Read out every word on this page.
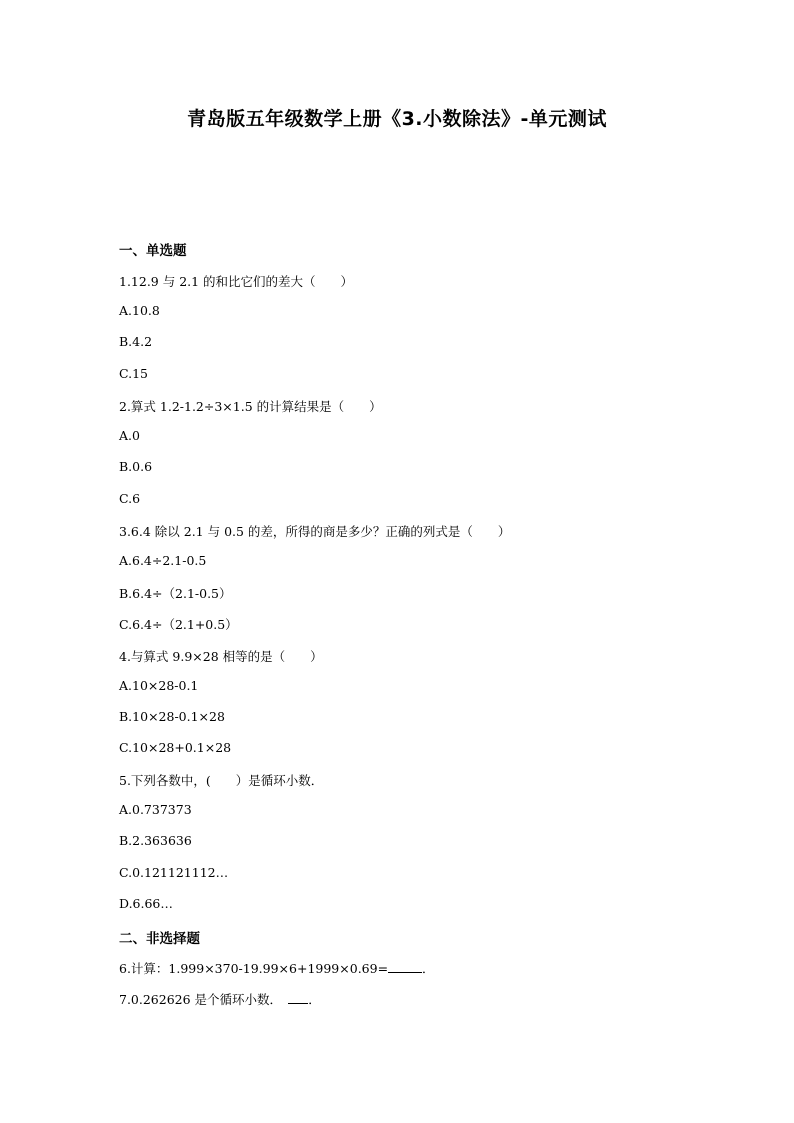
青岛版五年级数学上册《3.小数除法》-单元测试
一、单选题
1.12.9 与 2.1 的和比它们的差大（　　）
A.10.8
B.4.2
C.15
2.算式 1.2-1.2÷3×1.5 的计算结果是（　　）
A.0
B.0.6
C.6
3.6.4 除以 2.1 与 0.5 的差，所得的商是多少？正确的列式是（　　）
A.6.4÷2.1-0.5
B.6.4÷（2.1-0.5）
C.6.4÷（2.1+0.5）
4.与算式 9.9×28 相等的是（　　）
A.10×28-0.1
B.10×28-0.1×28
C.10×28+0.1×28
5.下列各数中，(　　）是循环小数．
A.0.737373
B.2.363636
C.0.121121112…
D.6.66…
二、非选择题
6.计算：1.999×370-19.99×6+1999×0.69=	．
7.0.262626 是个循环小数．　．
